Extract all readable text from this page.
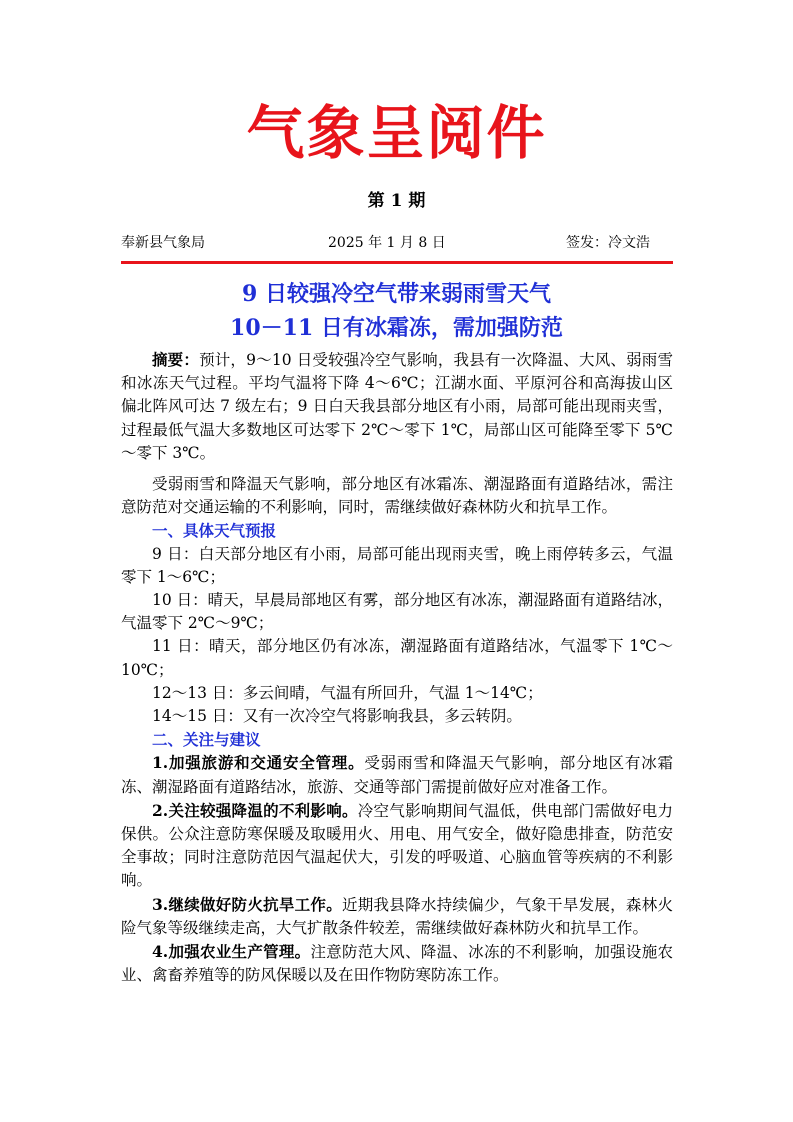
气象呈阅件
第 1 期
奉新县气象局	2025 年 1 月 8 日	签发：冷文浩
9 日较强冷空气带来弱雨雪天气
10－11 日有冰霜冻，需加强防范

摘要：预计，9～10 日受较强冷空气影响，我县有一次降温、大风、弱雨雪和冰冻天气过程。平均气温将下降 4～6℃；江湖水面、平原河谷和高海拔山区偏北阵风可达 7 级左右；9 日白天我县部分地区有小雨，局部可能出现雨夹雪，过程最低气温大多数地区可达零下 2℃～零下 1℃，局部山区可能降至零下 5℃～零下 3℃。

受弱雨雪和降温天气影响，部分地区有冰霜冻、潮湿路面有道路结冰，需注意防范对交通运输的不利影响，同时，需继续做好森林防火和抗旱工作。

一、具体天气预报

9 日：白天部分地区有小雨，局部可能出现雨夹雪，晚上雨停转多云，气温零下 1～6℃；

10 日：晴天，早晨局部地区有雾，部分地区有冰冻，潮湿路面有道路结冰，气温零下 2℃～9℃；

11 日：晴天，部分地区仍有冰冻，潮湿路面有道路结冰，气温零下 1℃～10℃；

12～13 日：多云间晴，气温有所回升，气温 1～14℃；

14～15 日：又有一次冷空气将影响我县，多云转阴。

二、关注与建议

1.加强旅游和交通安全管理。受弱雨雪和降温天气影响，部分地区有冰霜冻、潮湿路面有道路结冰，旅游、交通等部门需提前做好应对准备工作。

2.关注较强降温的不利影响。冷空气影响期间气温低，供电部门需做好电力保供。公众注意防寒保暖及取暖用火、用电、用气安全，做好隐患排查，防范安全事故；同时注意防范因气温起伏大，引发的呼吸道、心脑血管等疾病的不利影响。

3.继续做好防火抗旱工作。近期我县降水持续偏少，气象干旱发展，森林火险气象等级继续走高，大气扩散条件较差，需继续做好森林防火和抗旱工作。

4.加强农业生产管理。注意防范大风、降温、冰冻的不利影响，加强设施农业、禽畜养殖等的防风保暖以及在田作物防寒防冻工作。
